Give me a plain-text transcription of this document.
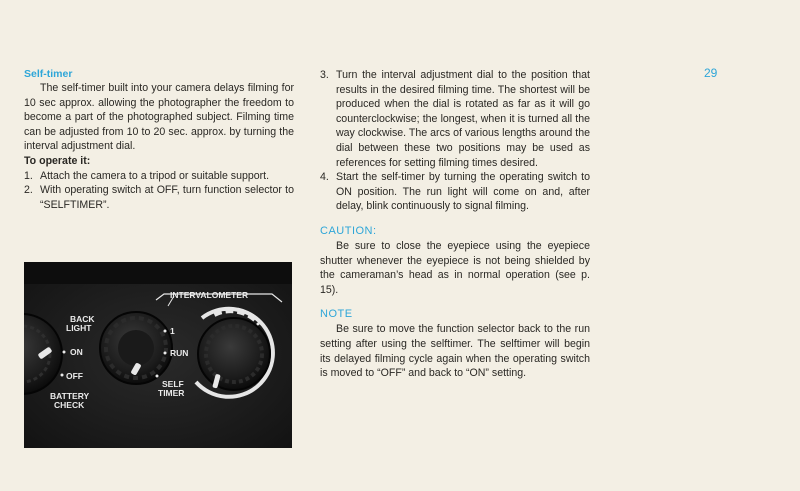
29
Self-timer

The self-timer built into your camera delays filming for 10 sec approx. allowing the photographer the freedom to become a part of the photographed subject. Filming time can be adjusted from 10 to 20 sec. approx. by turning the interval adjustment dial.

To operate it:
1. Attach the camera to a tripod or suitable support.
2. With operating switch at OFF, turn function selector to “SELFTIMER”.
BACK
LIGHT
ON
OFF
BATTERY
CHECK
INTERVALOMETER
1
RUN
SELF
TIMER
3. Turn the interval adjustment dial to the position that results in the desired filming time. The shortest will be produced when the dial is rotated as far as it will go counterclockwise; the longest, when it is turned all the way clockwise. The arcs of various lengths around the dial between these two positions may be used as references for setting filming times desired.
4. Start the self-timer by turning the operating switch to ON position. The run light will come on and, after delay, blink continuously to signal filming.
CAUTION:

Be sure to close the eyepiece using the eyepiece shutter whenever the eyepiece is not being shielded by the cameraman’s head as in normal operation (see p. 15).

NOTE

Be sure to move the function selector back to the run setting after using the selftimer. The selftimer will begin its delayed filming cycle again when the operating switch is moved to “OFF” and back to “ON” setting.
